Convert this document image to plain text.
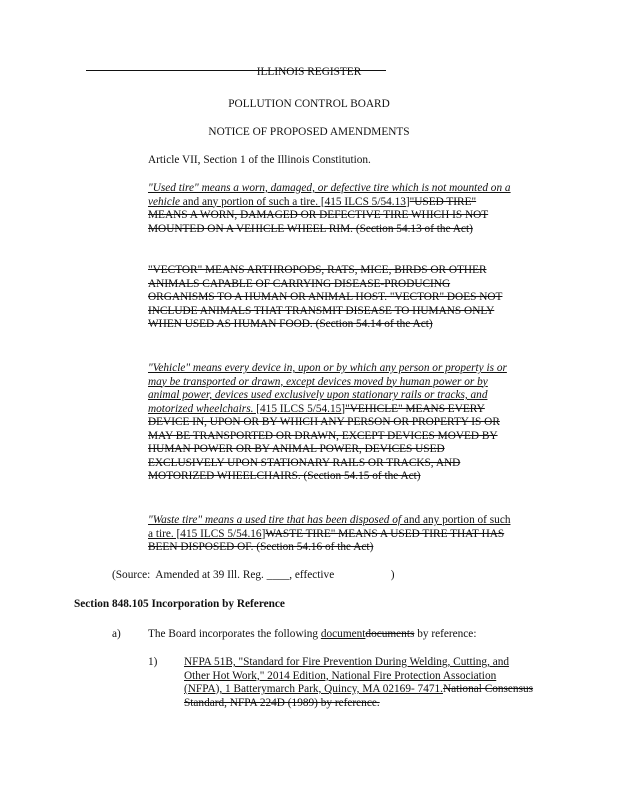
ILLINOIS REGISTER
POLLUTION CONTROL BOARD
NOTICE OF PROPOSED AMENDMENTS

Article VII, Section 1 of the Illinois Constitution.

"Used tire" means a worn, damaged, or defective tire which is not mounted on a vehicle and any portion of such a tire. [415 ILCS 5/54.13]"USED TIRE" MEANS A WORN, DAMAGED OR DEFECTIVE TIRE WHICH IS NOT MOUNTED ON A VEHICLE WHEEL RIM. (Section 54.13 of the Act)

"VECTOR" MEANS ARTHROPODS, RATS, MICE, BIRDS OR OTHER ANIMALS CAPABLE OF CARRYING DISEASE-PRODUCING ORGANISMS TO A HUMAN OR ANIMAL HOST. "VECTOR" DOES NOT INCLUDE ANIMALS THAT TRANSMIT DISEASE TO HUMANS ONLY WHEN USED AS HUMAN FOOD. (Section 54.14 of the Act)

"Vehicle" means every device in, upon or by which any person or property is or may be transported or drawn, except devices moved by human power or by animal power, devices used exclusively upon stationary rails or tracks, and motorized wheelchairs. [415 ILCS 5/54.15]"VEHICLE" MEANS EVERY DEVICE IN, UPON OR BY WHICH ANY PERSON OR PROPERTY IS OR MAY BE TRANSPORTED OR DRAWN, EXCEPT DEVICES MOVED BY HUMAN POWER OR BY ANIMAL POWER, DEVICES USED EXCLUSIVELY UPON STATIONARY RAILS OR TRACKS, AND MOTORIZED WHEELCHAIRS. (Section 54.15 of the Act)

"Waste tire" means a used tire that has been disposed of and any portion of such a tire. [415 ILCS 5/54.16]WASTE TIRE" MEANS A USED TIRE THAT HAS BEEN DISPOSED OF. (Section 54.16 of the Act)

(Source:  Amended at 39 Ill. Reg. ____, effective                    )
Section 848.105 Incorporation by Reference
a) The Board incorporates the following documentdocuments by reference:

1) NFPA 51B, "Standard for Fire Prevention During Welding, Cutting, and Other Hot Work," 2014 Edition, National Fire Protection Association (NFPA), 1 Batterymarch Park, Quincy, MA 02169- 7471.National Consensus Standard, NFPA 224D (1989) by reference.
